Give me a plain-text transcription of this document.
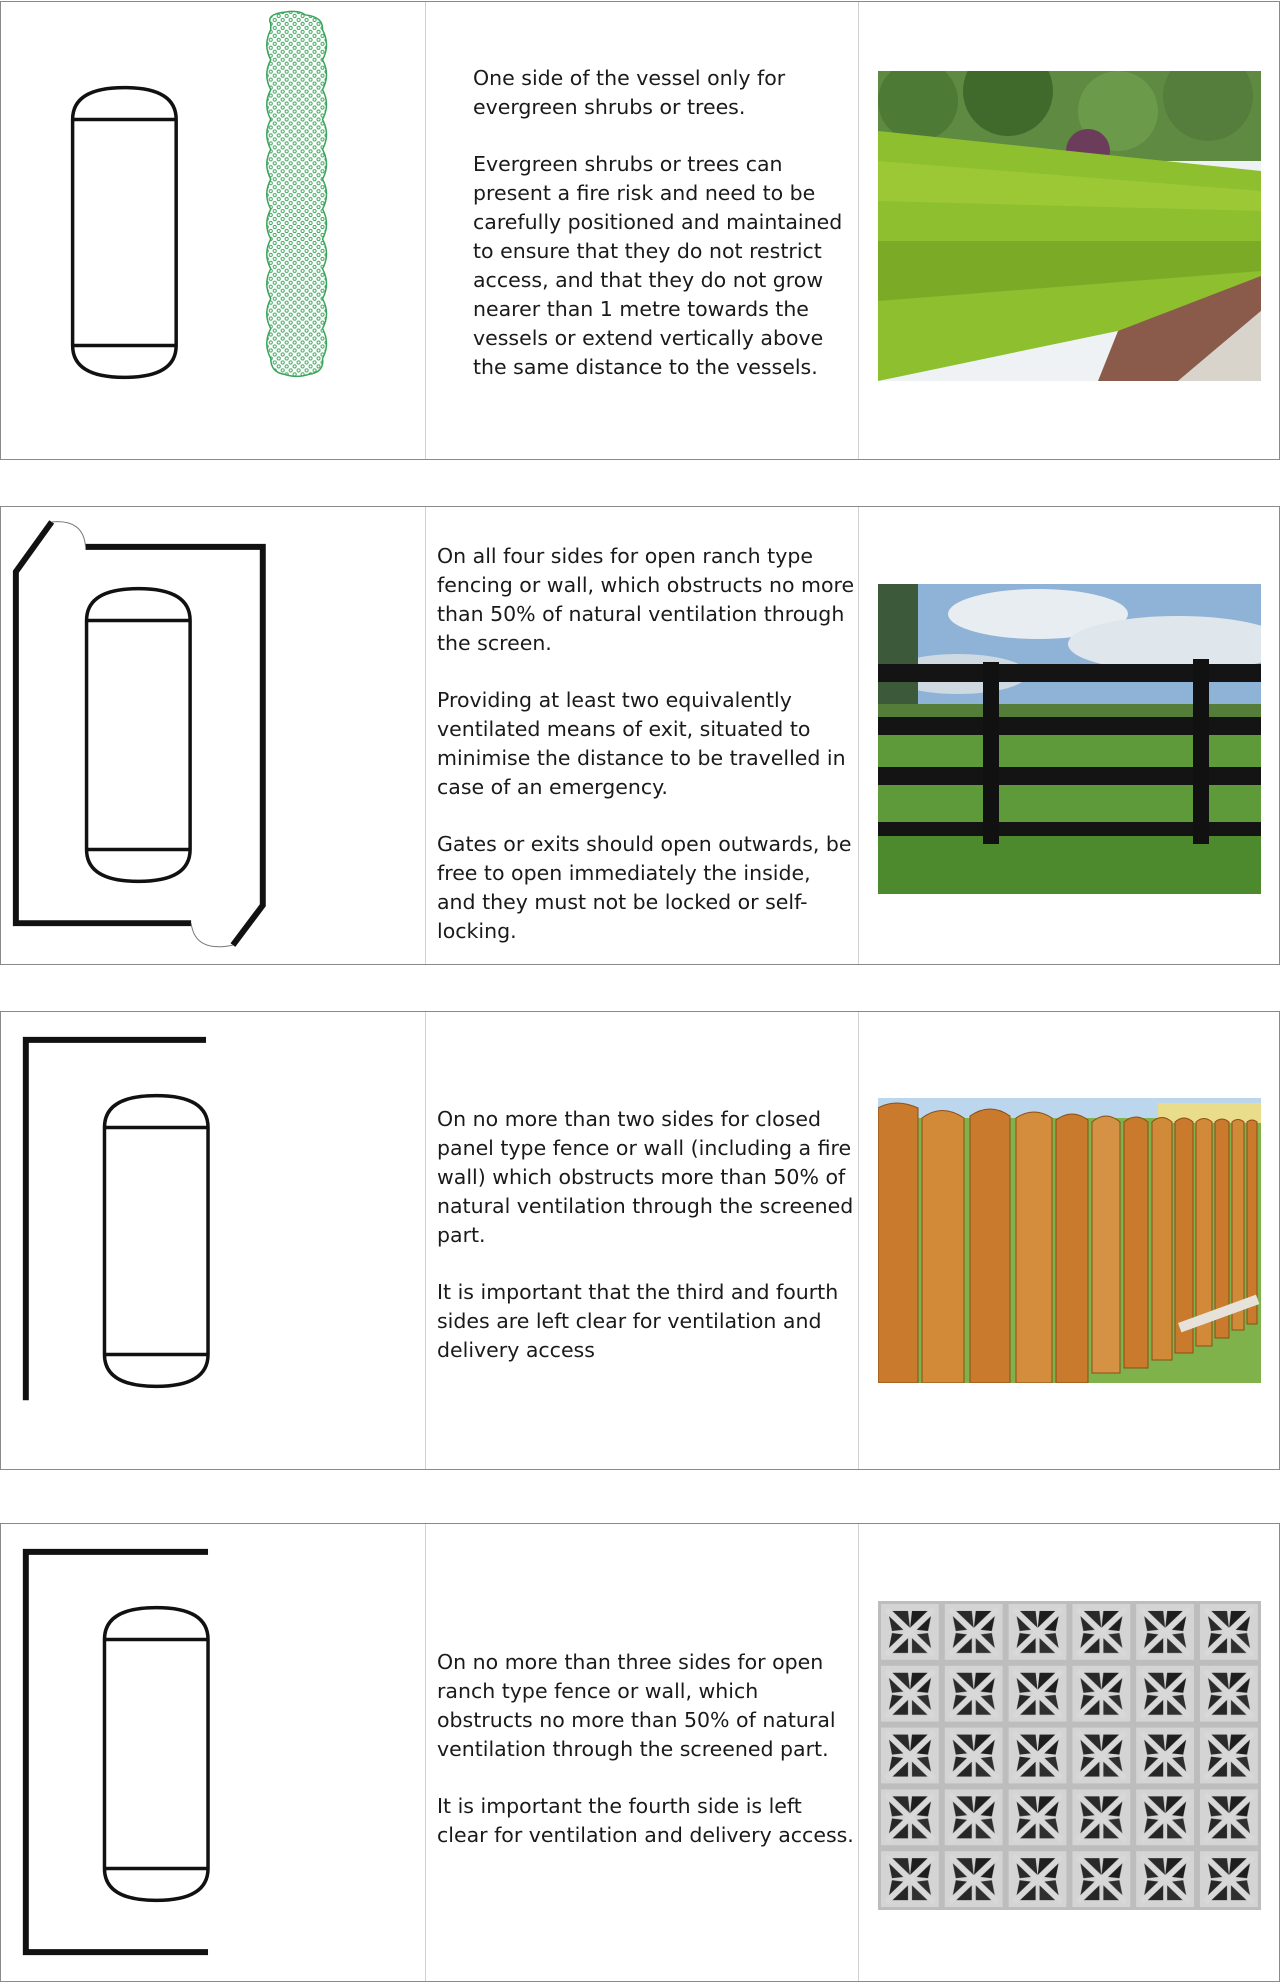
One side of the vessel only for evergreen shrubs or trees.

Evergreen shrubs or trees can present a fire risk and need to be carefully positioned and maintained to ensure that they do not restrict access, and that they do not grow nearer than 1 metre towards the vessels or extend vertically above the same distance to the vessels.

On all four sides for open ranch type fencing or wall, which obstructs no more than 50% of natural ventilation through the screen.

Providing at least two equivalently ventilated means of exit, situated to minimise the distance to be travelled in case of an emergency.

Gates or exits should open outwards, be free to open immediately the inside, and they must not be locked or self-locking.

On no more than two sides for closed panel type fence or wall (including a fire wall) which obstructs more than 50% of natural ventilation through the screened part.

It is important that the third and fourth sides are left clear for ventilation and delivery access

On no more than three sides for open ranch type fence or wall, which obstructs no more than 50% of natural ventilation through the screened part.

It is important the fourth side is left clear for ventilation and delivery access.
